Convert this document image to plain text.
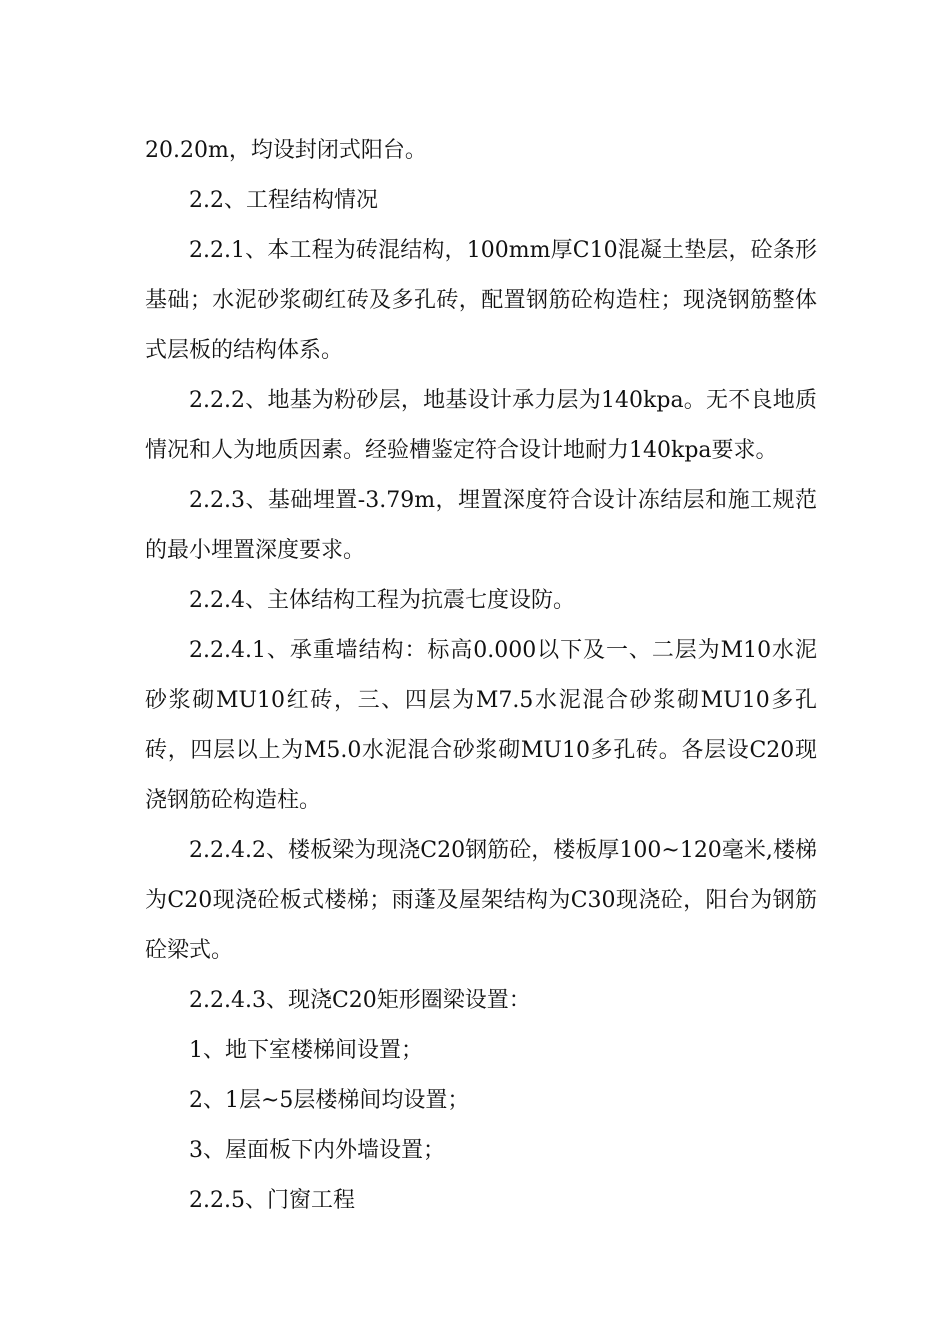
20.20m，均设封闭式阳台。

2.2、工程结构情况

2.2.1、本工程为砖混结构，100mm厚C10混凝土垫层，砼条形基础；水泥砂浆砌红砖及多孔砖，配置钢筋砼构造柱；现浇钢筋整体式层板的结构体系。

2.2.2、地基为粉砂层，地基设计承力层为140kpa。无不良地质情况和人为地质因素。经验槽鉴定符合设计地耐力140kpa要求。

2.2.3、基础埋置-3.79m，埋置深度符合设计冻结层和施工规范的最小埋置深度要求。

2.2.4、主体结构工程为抗震七度设防。

2.2.4.1、承重墙结构：标高0.000以下及一、二层为M10水泥砂浆砌MU10红砖，三、四层为M7.5水泥混合砂浆砌MU10多孔砖，四层以上为M5.0水泥混合砂浆砌MU10多孔砖。各层设C20现浇钢筋砼构造柱。

2.2.4.2、楼板梁为现浇C20钢筋砼，楼板厚100~120毫米,楼梯为C20现浇砼板式楼梯；雨蓬及屋架结构为C30现浇砼，阳台为钢筋砼梁式。

2.2.4.3、现浇C20矩形圈梁设置：

1、地下室楼梯间设置；

2、1层~5层楼梯间均设置；

3、屋面板下内外墙设置；

2.2.5、门窗工程
